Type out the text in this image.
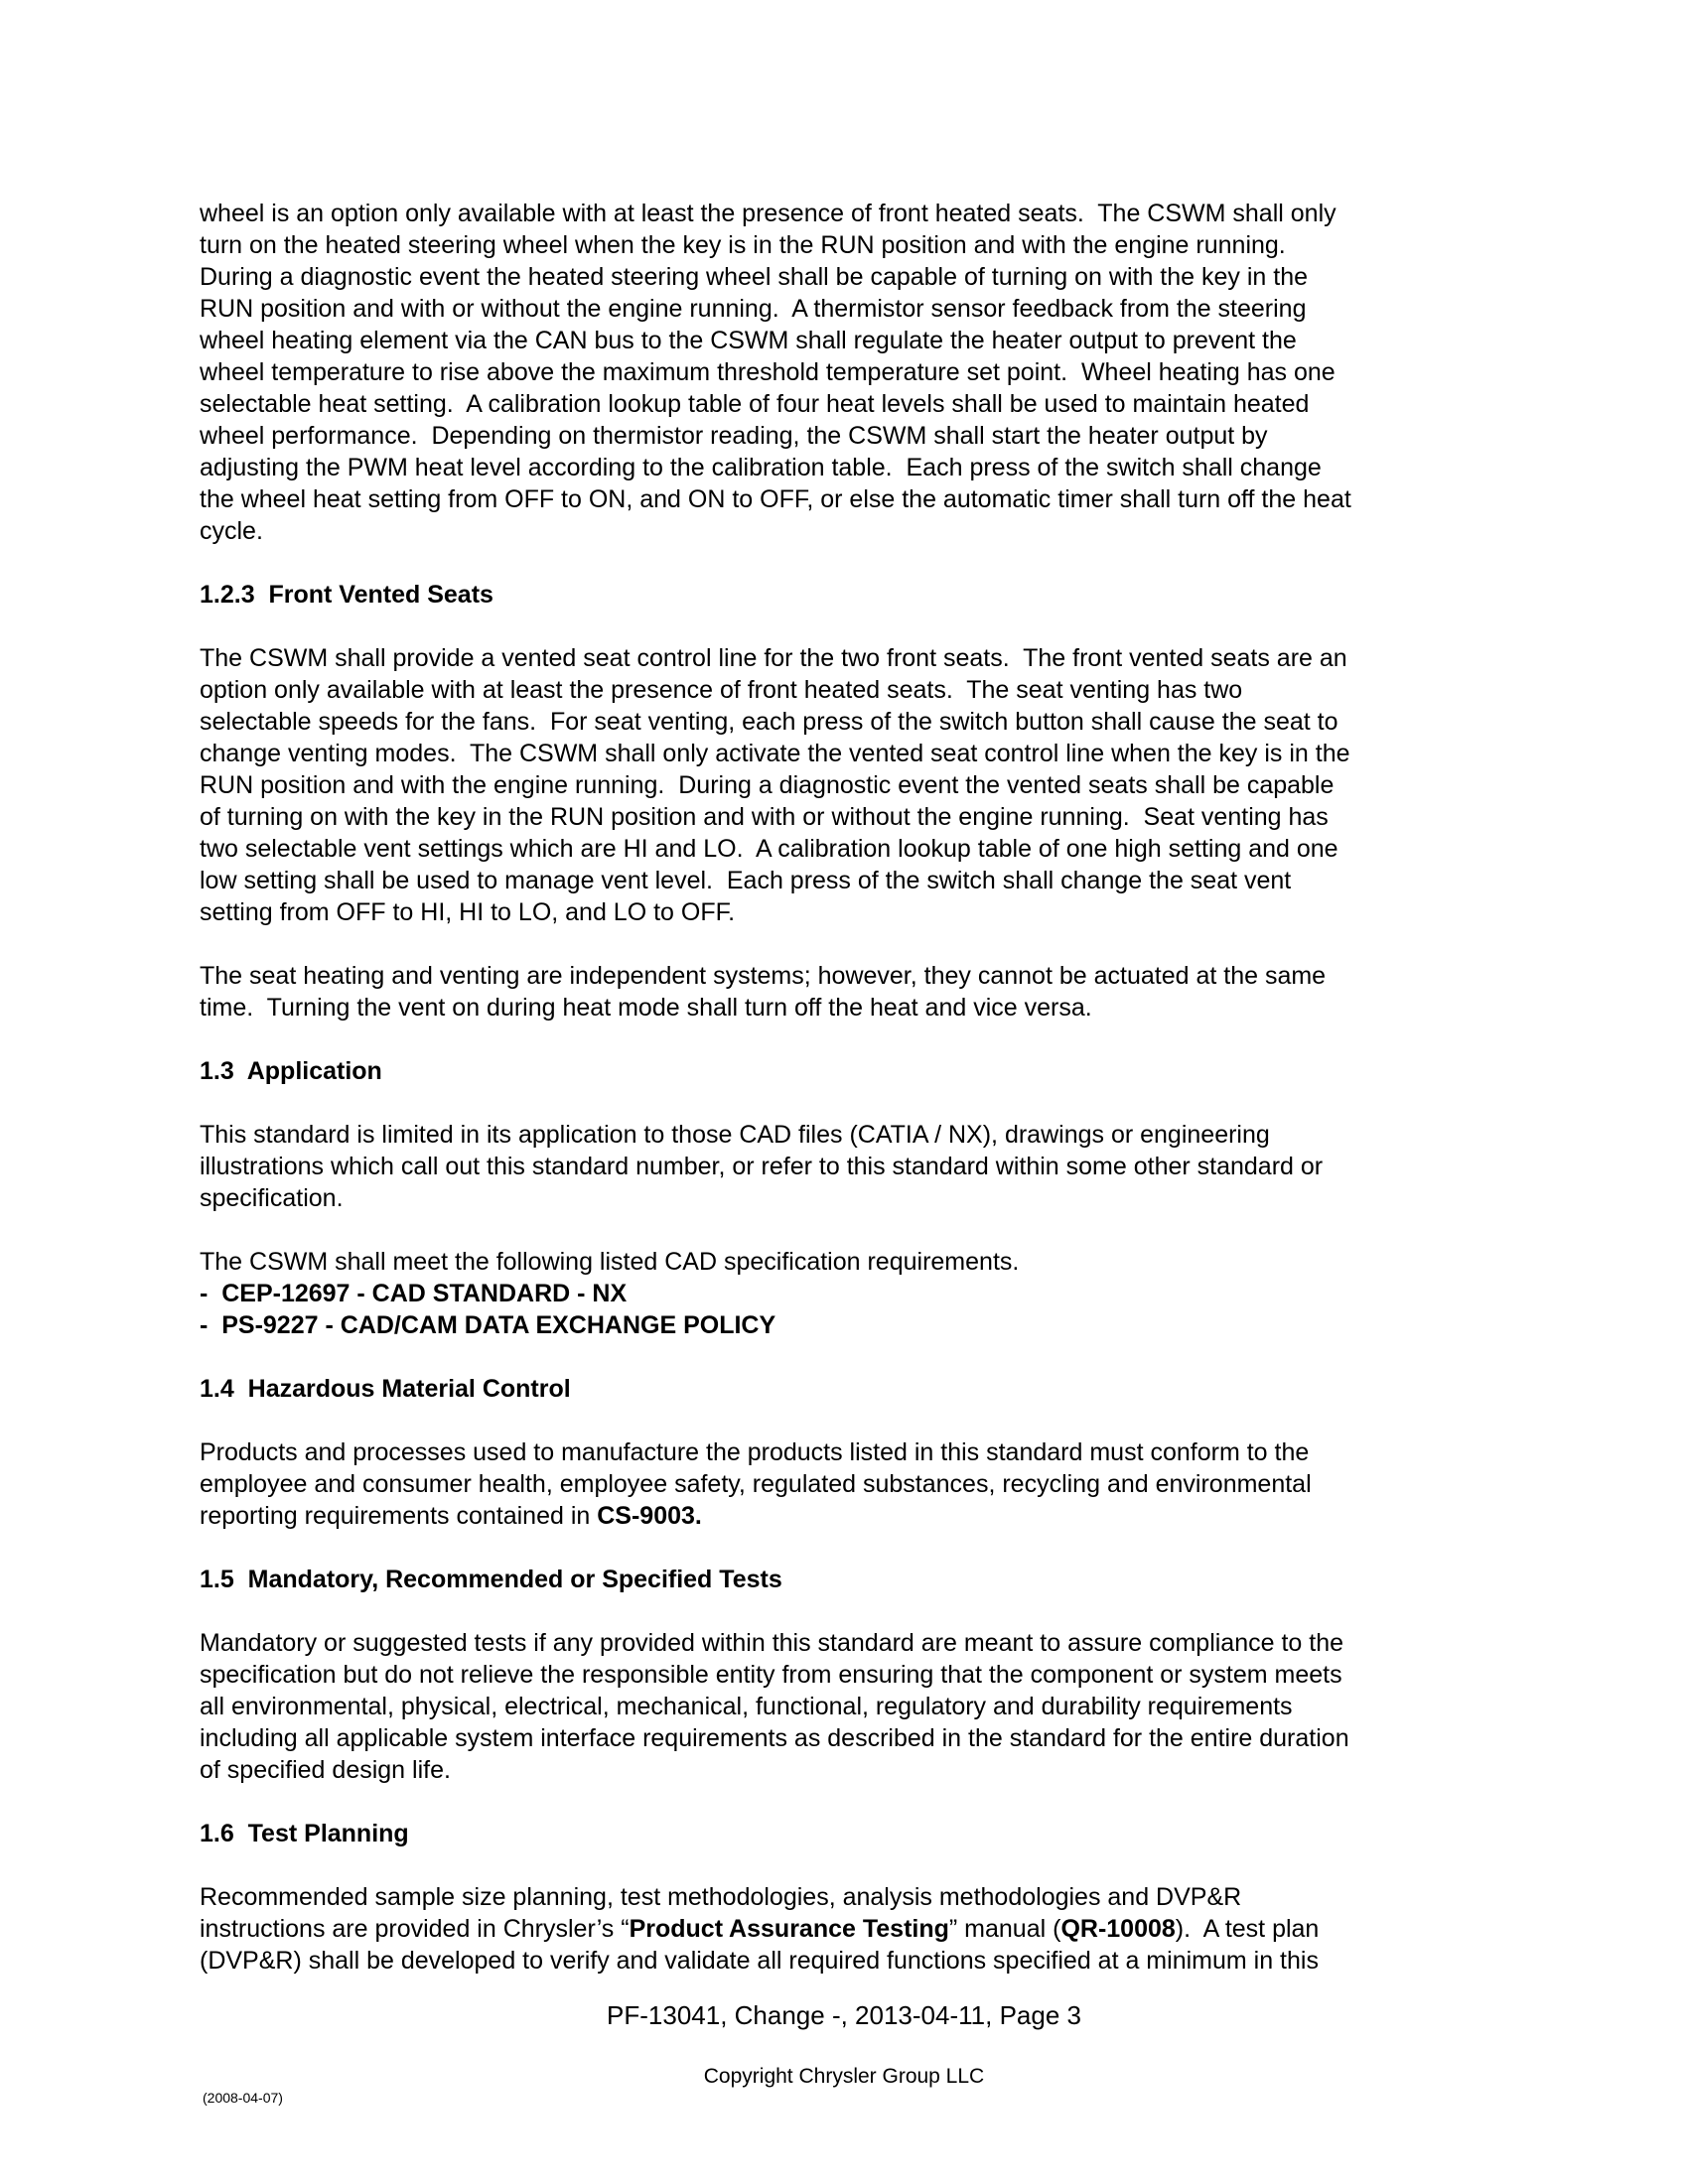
wheel is an option only available with at least the presence of front heated seats.  The CSWM shall only
turn on the heated steering wheel when the key is in the RUN position and with the engine running.
During a diagnostic event the heated steering wheel shall be capable of turning on with the key in the
RUN position and with or without the engine running.  A thermistor sensor feedback from the steering
wheel heating element via the CAN bus to the CSWM shall regulate the heater output to prevent the
wheel temperature to rise above the maximum threshold temperature set point.  Wheel heating has one
selectable heat setting.  A calibration lookup table of four heat levels shall be used to maintain heated
wheel performance.  Depending on thermistor reading, the CSWM shall start the heater output by
adjusting the PWM heat level according to the calibration table.  Each press of the switch shall change
the wheel heat setting from OFF to ON, and ON to OFF, or else the automatic timer shall turn off the heat
cycle.
1.2.3  Front Vented Seats
The CSWM shall provide a vented seat control line for the two front seats.  The front vented seats are an
option only available with at least the presence of front heated seats.  The seat venting has two
selectable speeds for the fans.  For seat venting, each press of the switch button shall cause the seat to
change venting modes.  The CSWM shall only activate the vented seat control line when the key is in the
RUN position and with the engine running.  During a diagnostic event the vented seats shall be capable
of turning on with the key in the RUN position and with or without the engine running.  Seat venting has
two selectable vent settings which are HI and LO.  A calibration lookup table of one high setting and one
low setting shall be used to manage vent level.  Each press of the switch shall change the seat vent
setting from OFF to HI, HI to LO, and LO to OFF.
The seat heating and venting are independent systems; however, they cannot be actuated at the same
time.  Turning the vent on during heat mode shall turn off the heat and vice versa.
1.3  Application
This standard is limited in its application to those CAD files (CATIA / NX), drawings or engineering
illustrations which call out this standard number, or refer to this standard within some other standard or
specification.
The CSWM shall meet the following listed CAD specification requirements.
-  CEP-12697 - CAD STANDARD - NX
-  PS-9227 - CAD/CAM DATA EXCHANGE POLICY
1.4  Hazardous Material Control
Products and processes used to manufacture the products listed in this standard must conform to the
employee and consumer health, employee safety, regulated substances, recycling and environmental
reporting requirements contained in CS-9003.
1.5  Mandatory, Recommended or Specified Tests
Mandatory or suggested tests if any provided within this standard are meant to assure compliance to the
specification but do not relieve the responsible entity from ensuring that the component or system meets
all environmental, physical, electrical, mechanical, functional, regulatory and durability requirements
including all applicable system interface requirements as described in the standard for the entire duration
of specified design life.
1.6  Test Planning
Recommended sample size planning, test methodologies, analysis methodologies and DVP&R
instructions are provided in Chrysler’s “Product Assurance Testing” manual (QR-10008).  A test plan
(DVP&R) shall be developed to verify and validate all required functions specified at a minimum in this
PF-13041, Change -, 2013-04-11, Page 3
Copyright Chrysler Group LLC
(2008-04-07)
